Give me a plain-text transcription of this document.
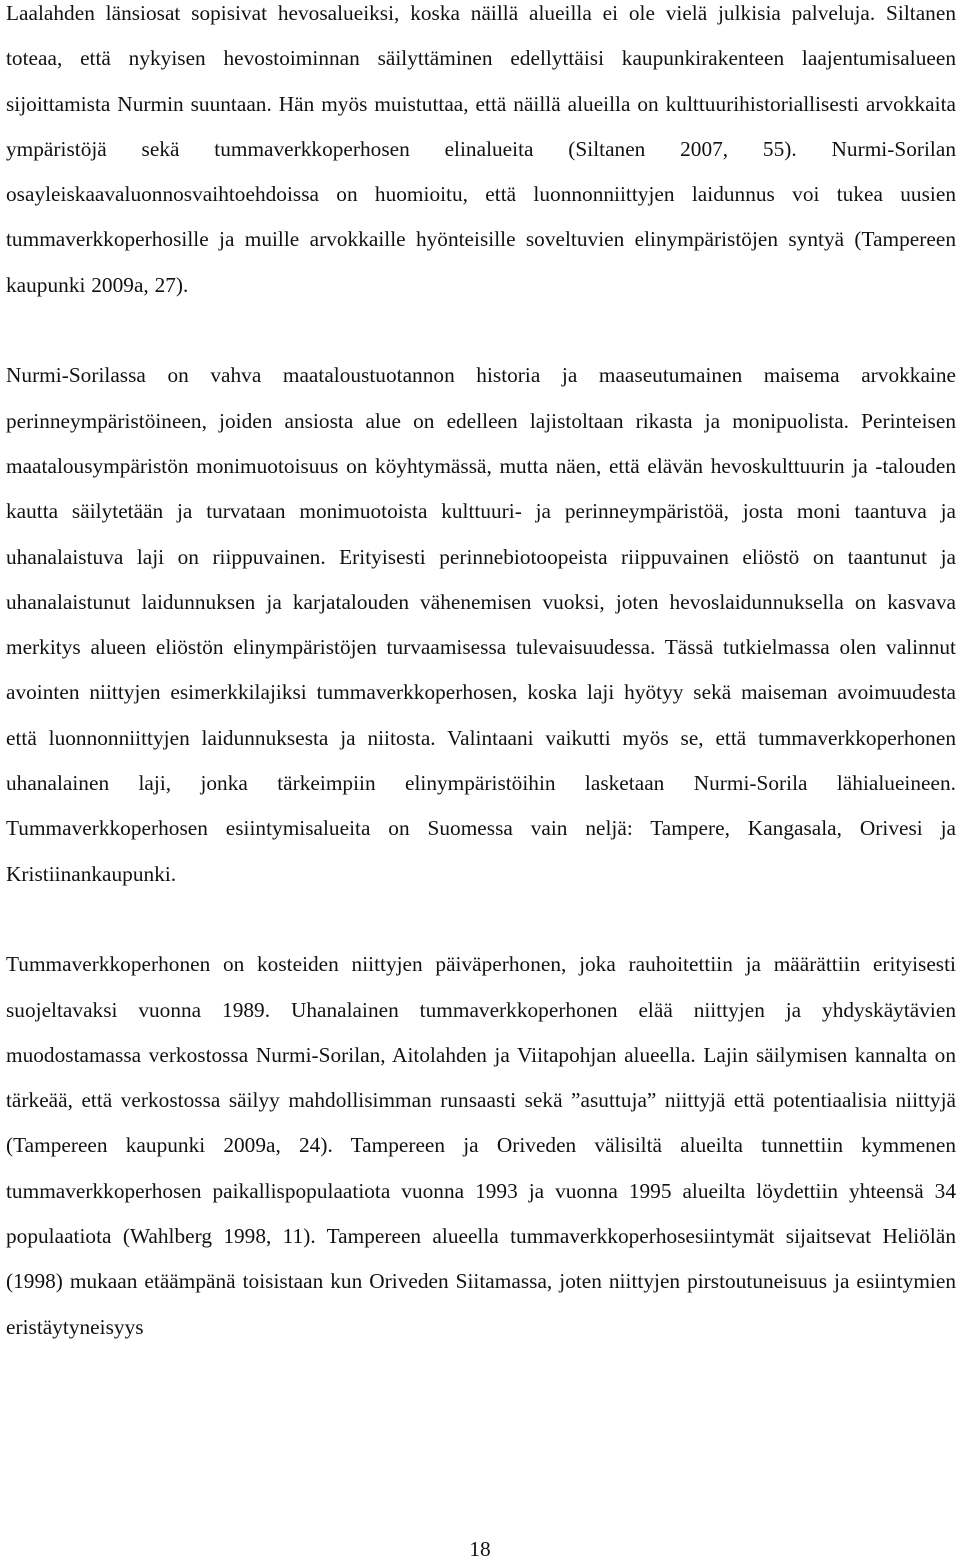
Laalahden länsiosat sopisivat hevosalueiksi, koska näillä alueilla ei ole vielä julkisia palveluja. Siltanen toteaa, että nykyisen hevostoiminnan säilyttäminen edellyttäisi kaupunkirakenteen laajentumisalueen sijoittamista Nurmin suuntaan. Hän myös muistuttaa, että näillä alueilla on kulttuurihistoriallisesti arvokkaita ympäristöjä sekä tummaverkkoperhosen elinalueita (Siltanen 2007, 55). Nurmi-Sorilan osayleiskaavaluonnosvaihtoehdoissa on huomioitu, että luonnonniittyjen laidunnus voi tukea uusien tummaverkkoperhosille ja muille arvokkaille hyönteisille soveltuvien elinympäristöjen syntyä (Tampereen kaupunki 2009a, 27).

Nurmi-Sorilassa on vahva maataloustuotannon historia ja maaseutumainen maisema arvokkaine perinneympäristöineen, joiden ansiosta alue on edelleen lajistoltaan rikasta ja monipuolista. Perinteisen maatalousympäristön monimuotoisuus on köyhtymässä, mutta näen, että elävän hevoskulttuurin ja -talouden kautta säilytetään ja turvataan monimuotoista kulttuuri- ja perinneympäristöä, josta moni taantuva ja uhanalaistuva laji on riippuvainen. Erityisesti perinnebiotoopeista riippuvainen eliöstö on taantunut ja uhanalaistunut laidunnuksen ja karjatalouden vähenemisen vuoksi, joten hevoslaidunnuksella on kasvava merkitys alueen eliöstön elinympäristöjen turvaamisessa tulevaisuudessa. Tässä tutkielmassa olen valinnut avointen niittyjen esimerkkilajiksi tummaverkkoperhosen, koska laji hyötyy sekä maiseman avoimuudesta että luonnonniittyjen laidunnuksesta ja niitosta. Valintaani vaikutti myös se, että tummaverkkoperhonen uhanalainen laji, jonka tärkeimpiin elinympäristöihin lasketaan Nurmi-Sorila lähialueineen. Tummaverkkoperhosen esiintymisalueita on Suomessa vain neljä: Tampere, Kangasala, Orivesi ja Kristiinankaupunki.

Tummaverkkoperhonen on kosteiden niittyjen päiväperhonen, joka rauhoitettiin ja määrättiin erityisesti suojeltavaksi vuonna 1989. Uhanalainen tummaverkkoperhonen elää niittyjen ja yhdyskäytävien muodostamassa verkostossa Nurmi-Sorilan, Aitolahden ja Viitapohjan alueella. Lajin säilymisen kannalta on tärkeää, että verkostossa säilyy mahdollisimman runsaasti sekä ”asuttuja” niittyjä että potentiaalisia niittyjä (Tampereen kaupunki 2009a, 24). Tampereen ja Oriveden välisiltä alueilta tunnettiin kymmenen tummaverkkoperhosen paikallispopulaatiota vuonna 1993 ja vuonna 1995 alueilta löydettiin yhteensä 34 populaatiota (Wahlberg 1998, 11). Tampereen alueella tummaverkkoperhosesiintymät sijaitsevat Heliölän (1998) mukaan etäämpänä toisistaan kun Oriveden Siitamassa, joten niittyjen pirstoutuneisuus ja esiintymien eristäytyneisyys

18
